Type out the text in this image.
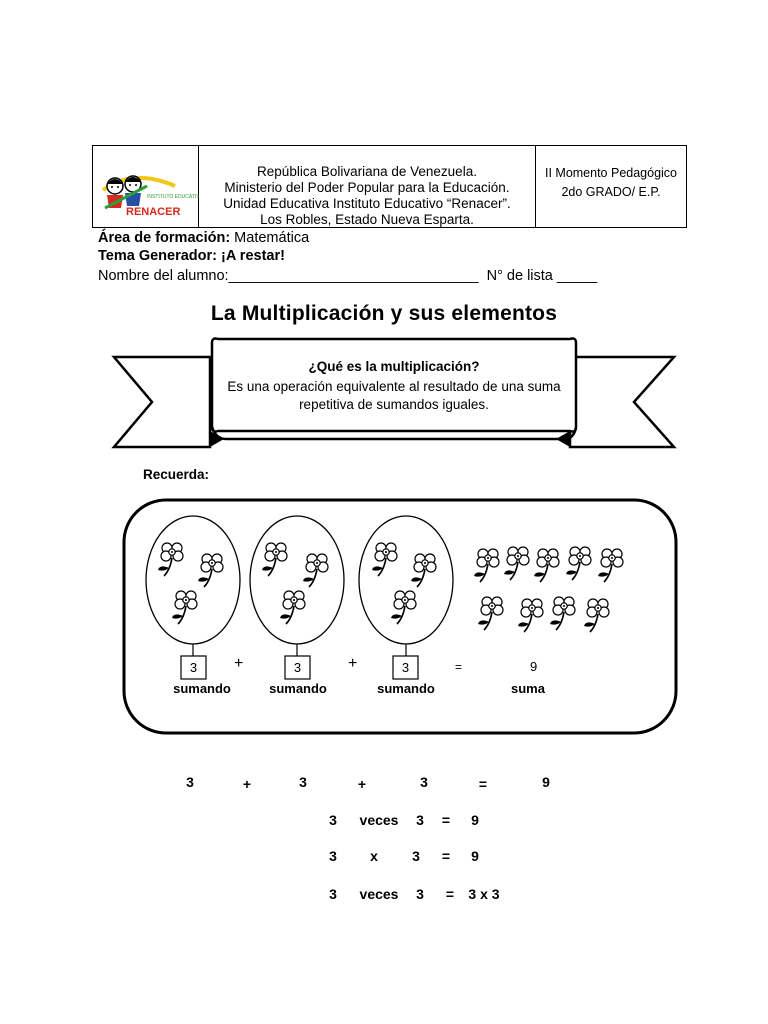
INSTITUTO EDUCATIVO
RENACER
República Bolivariana de Venezuela.
Ministerio del Poder Popular para la Educación.
Unidad Educativa Instituto Educativo “Renacer”.
Los Robles, Estado Nueva Esparta.
II Momento Pedagógico
2do GRADO/ E.P.
Área de formación: Matemática
Tema Generador: ¡A restar!
Nombre del alumno:_______________________________  N° de lista _____
La Multiplicación y sus elementos
¿Qué es la multiplicación?
Es una operación equivalente al resultado de una suma
repetitiva de sumandos iguales.
Recuerda:
3	3	3
+	+	=	9
sumando	sumando	sumando	suma
3	+	3	+	3	=	9
3	veces	3 = 9
3 x 3 = 9
3	veces	3 =	3 x 3
